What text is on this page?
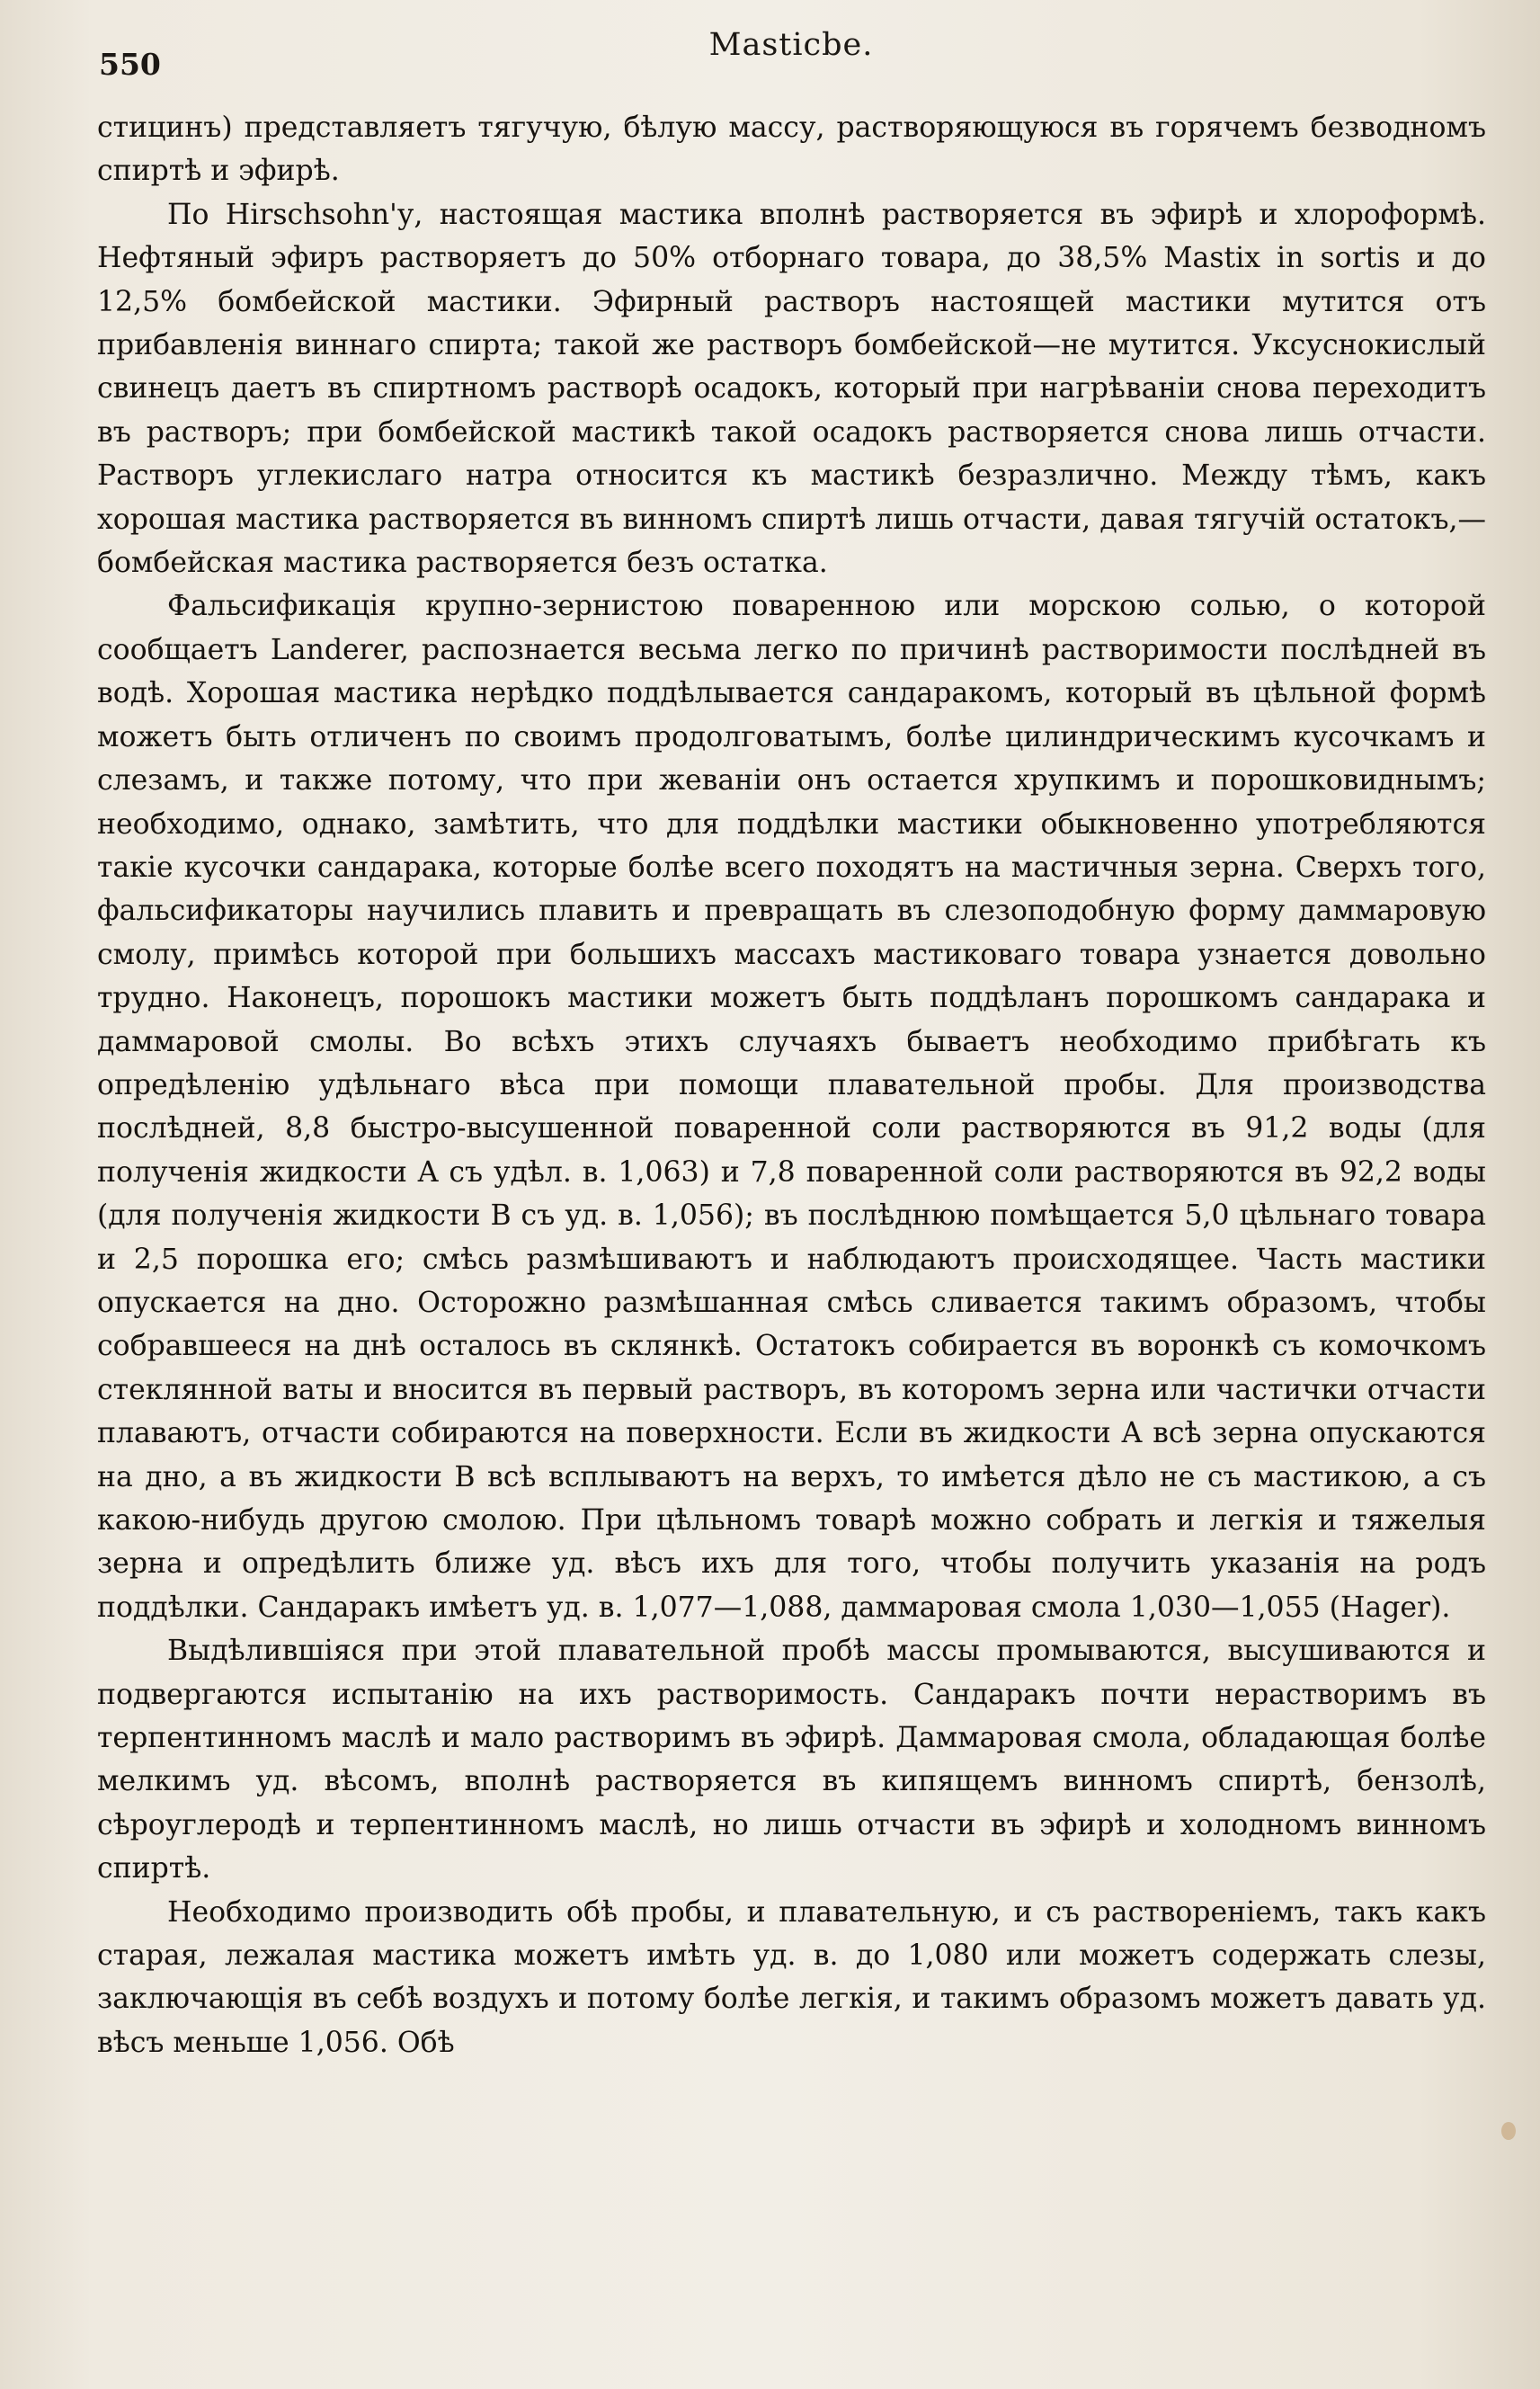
550
Masticbe.

стицинъ) представляетъ тягучую, бѣлую массу, растворяющуюся въ горячемъ безводномъ спиртѣ и эфирѣ.

По Hirschsohn'у, настоящая мастика вполнѣ растворяется въ эфирѣ и хлороформѣ. Нефтяный эфиръ растворяетъ до 50% отборнаго товара, до 38,5% Mastix in sortis и до 12,5% бомбейской мастики. Эфирный растворъ настоящей мастики мутится отъ прибавленія виннаго спирта; такой же растворъ бомбейской—не мутится. Уксуснокислый свинецъ даетъ въ спиртномъ растворѣ осадокъ, который при нагрѣваніи снова переходитъ въ растворъ; при бомбейской мастикѣ такой осадокъ растворяется снова лишь отчасти. Растворъ углекислаго натра относится къ мастикѣ безразлично. Между тѣмъ, какъ хорошая мастика растворяется въ винномъ спиртѣ лишь отчасти, давая тягучій остатокъ,—бомбейская мастика растворяется безъ остатка.

Фальсификація крупно-зернистою поваренною или морскою солью, о которой сообщаетъ Landerer, распознается весьма легко по причинѣ растворимости послѣдней въ водѣ. Хорошая мастика нерѣдко поддѣлывается сандаракомъ, который въ цѣльной формѣ можетъ быть отличенъ по своимъ продолговатымъ, болѣе цилиндрическимъ кусочкамъ и слезамъ, и также потому, что при жеваніи онъ остается хрупкимъ и порошковиднымъ; необходимо, однако, замѣтить, что для поддѣлки мастики обыкновенно употребляются такіе кусочки сандарака, которые болѣе всего походятъ на мастичныя зерна. Сверхъ того, фальсификаторы научились плавить и превращать въ слезоподобную форму даммаровую смолу, примѣсь которой при большихъ массахъ мастиковаго товара узнается довольно трудно. Наконецъ, порошокъ мастики можетъ быть поддѣланъ порошкомъ сандарака и даммаровой смолы. Во всѣхъ этихъ случаяхъ бываетъ необходимо прибѣгать къ опредѣленію удѣльнаго вѣса при помощи плавательной пробы. Для производства послѣдней, 8,8 быстро-высушенной поваренной соли растворяются въ 91,2 воды (для полученія жидкости A съ удѣл. в. 1,063) и 7,8 поваренной соли растворяются въ 92,2 воды (для полученія жидкости B съ уд. в. 1,056); въ послѣднюю помѣщается 5,0 цѣльнаго товара и 2,5 порошка его; смѣсь размѣшиваютъ и наблюдаютъ происходящее. Часть мастики опускается на дно. Осторожно размѣшанная смѣсь сливается такимъ образомъ, чтобы собравшееся на днѣ осталось въ склянкѣ. Остатокъ собирается въ воронкѣ съ комочкомъ стеклянной ваты и вносится въ первый растворъ, въ которомъ зерна или частички отчасти плаваютъ, отчасти собираются на поверхности. Если въ жидкости A всѣ зерна опускаются на дно, а въ жидкости B всѣ всплываютъ на верхъ, то имѣется дѣло не съ мастикою, а съ какою-нибудь другою смолою. При цѣльномъ товарѣ можно собрать и легкія и тяжелыя зерна и опредѣлить ближе уд. вѣсъ ихъ для того, чтобы получить указанія на родъ поддѣлки. Сандаракъ имѣетъ уд. в. 1,077—1,088, даммаровая смола 1,030—1,055 (Hager).

Выдѣлившіяся при этой плавательной пробѣ массы промываются, высушиваются и подвергаются испытанію на ихъ растворимость. Сандаракъ почти нерастворимъ въ терпентинномъ маслѣ и мало растворимъ въ эфирѣ. Даммаровая смола, обладающая болѣе мелкимъ уд. вѣсомъ, вполнѣ растворяется въ кипящемъ винномъ спиртѣ, бензолѣ, сѣроуглеродѣ и терпентинномъ маслѣ, но лишь отчасти въ эфирѣ и холодномъ винномъ спиртѣ.

Необходимо производить обѣ пробы, и плавательную, и съ раствореніемъ, такъ какъ старая, лежалая мастика можетъ имѣть уд. в. до 1,080 или можетъ содержать слезы, заключающія въ себѣ воздухъ и потому болѣе легкія, и такимъ образомъ можетъ давать уд. вѣсъ меньше 1,056. Обѣ
